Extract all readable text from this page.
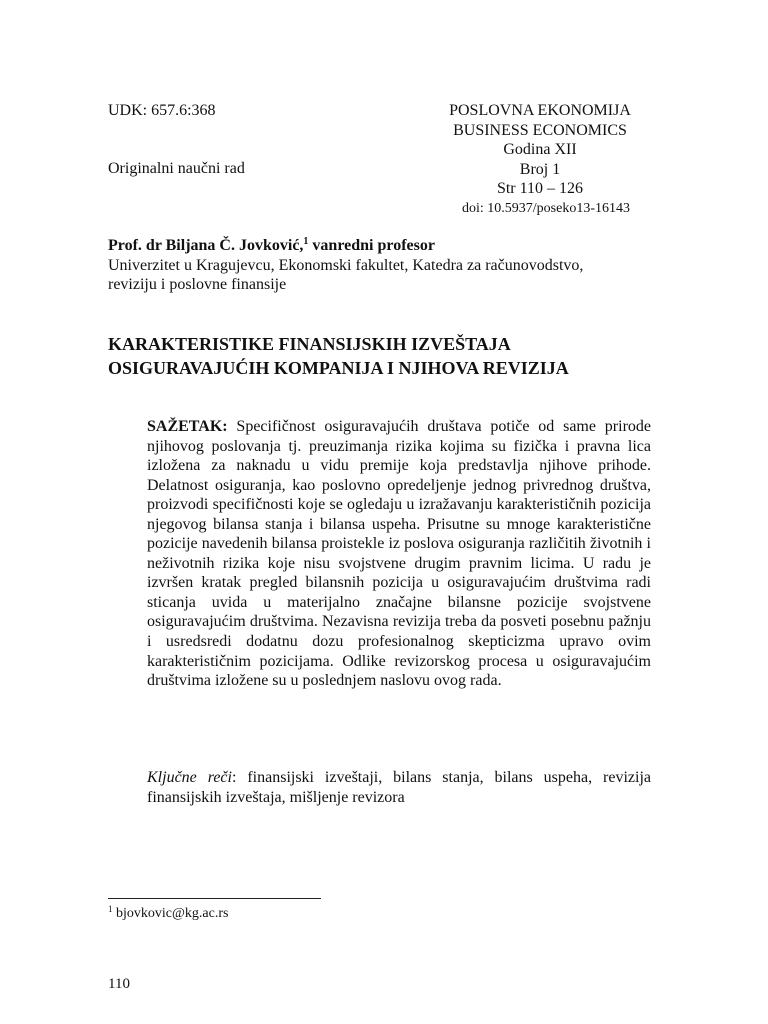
UDK: 657.6:368
Originalni naučni rad
POSLOVNA EKONOMIJA
BUSINESS ECONOMICS
Godina XII
Broj 1
Str 110 – 126
doi: 10.5937/poseko13-16143
Prof. dr Biljana Č. Jovković,$^1$ vanredni profesor
Univerzitet u Kragujevcu, Ekonomski fakultet, Katedra za računovodstvo,
reviziju i poslovne finansije
KARAKTERISTIKE FINANSIJSKIH IZVEŠTAJA
OSIGURAVAJUĆIH KOMPANIJA I NJIHOVA REVIZIJA
SAŽETAK: Specifičnost osiguravajućih društava potiče od same prirode njihovog poslovanja tj. preuzimanja rizika kojima su fizička i pravna lica izložena za naknadu u vidu premije koja predstavlja njihove prihode. Delatnost osiguranja, kao poslovno opredeljenje jednog privrednog društva, proizvodi specifičnosti koje se ogledaju u izražavanju karakterističnih pozicija njegovog bilansa stanja i bilansa uspeha. Prisutne su mnoge karakteristične pozicije navedenih bilansa proistekle iz poslova osiguranja različitih životnih i neživotnih rizika koje nisu svojstvene drugim pravnim licima. U radu je izvršen kratak pregled bilansnih pozicija u osiguravajućim društvima radi sticanja uvida u materijalno značajne bilansne pozicije svojstvene osiguravajućim društvima. Nezavisna revizija treba da posveti posebnu pažnju i usredsredi dodatnu dozu profesionalnog skepticizma upravo ovim karakterističnim pozicijama. Odlike revizorskog procesa u osiguravajućim društvima izložene su u poslednjem naslovu ovog rada.
Ključne reči: finansijski izveštaji, bilans stanja, bilans uspeha, revizija finansijskih izveštaja, mišljenje revizora
$^1$ bjovkovic@kg.ac.rs
110
